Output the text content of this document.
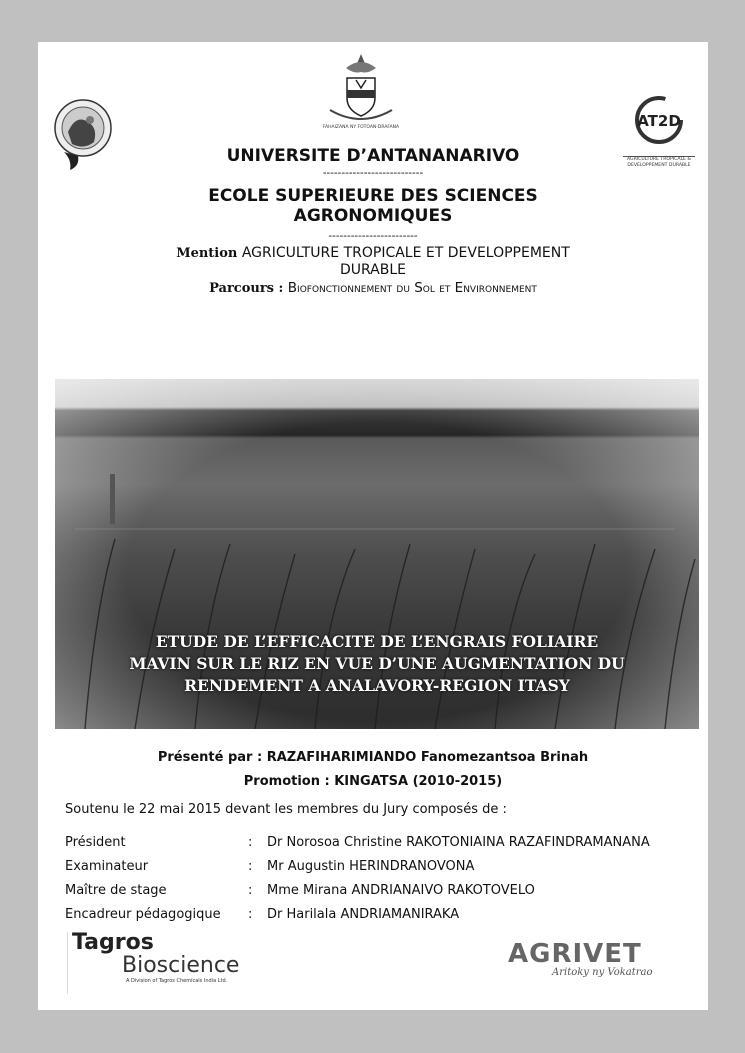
FAHAIZANA NY FOTOAN-DRAFANA	AT2D
AGRICULTURE TROPICALE &
DEVELOPPEMENT DURABLE
UNIVERSITE D’ANTANANARIVO
---------------------------
ECOLE SUPERIEURE DES SCIENCES
AGRONOMIQUES
------------------------
Mention AGRICULTURE TROPICALE ET DEVELOPPEMENT
DURABLE
Parcours : Biofonctionnement du Sol et Environnement
ETUDE DE L’EFFICACITE DE L’ENGRAIS FOLIAIRE
MAVIN SUR LE RIZ EN VUE D’UNE AUGMENTATION DU
RENDEMENT A ANALAVORY-REGION ITASY
Présenté par : RAZAFIHARIMIANDO Fanomezantsoa Brinah
Promotion : KINGATSA (2010-2015)
Soutenu le 22 mai 2015 devant les membres du Jury composés de :
Président	: Dr Norosoa Christine RAKOTONIAINA RAZAFINDRAMANANA
Examinateur	: Mr Augustin HERINDRANOVONA
Maître de stage	: Mme Mirana ANDRIANAIVO RAKOTOVELO
Encadreur pédagogique	: Dr Harilala ANDRIAMANIRAKA
Tagros
Bioscience
A Division of Tagros Chemicals India Ltd.
AGRIVET
Aritoky ny Vokatrao
